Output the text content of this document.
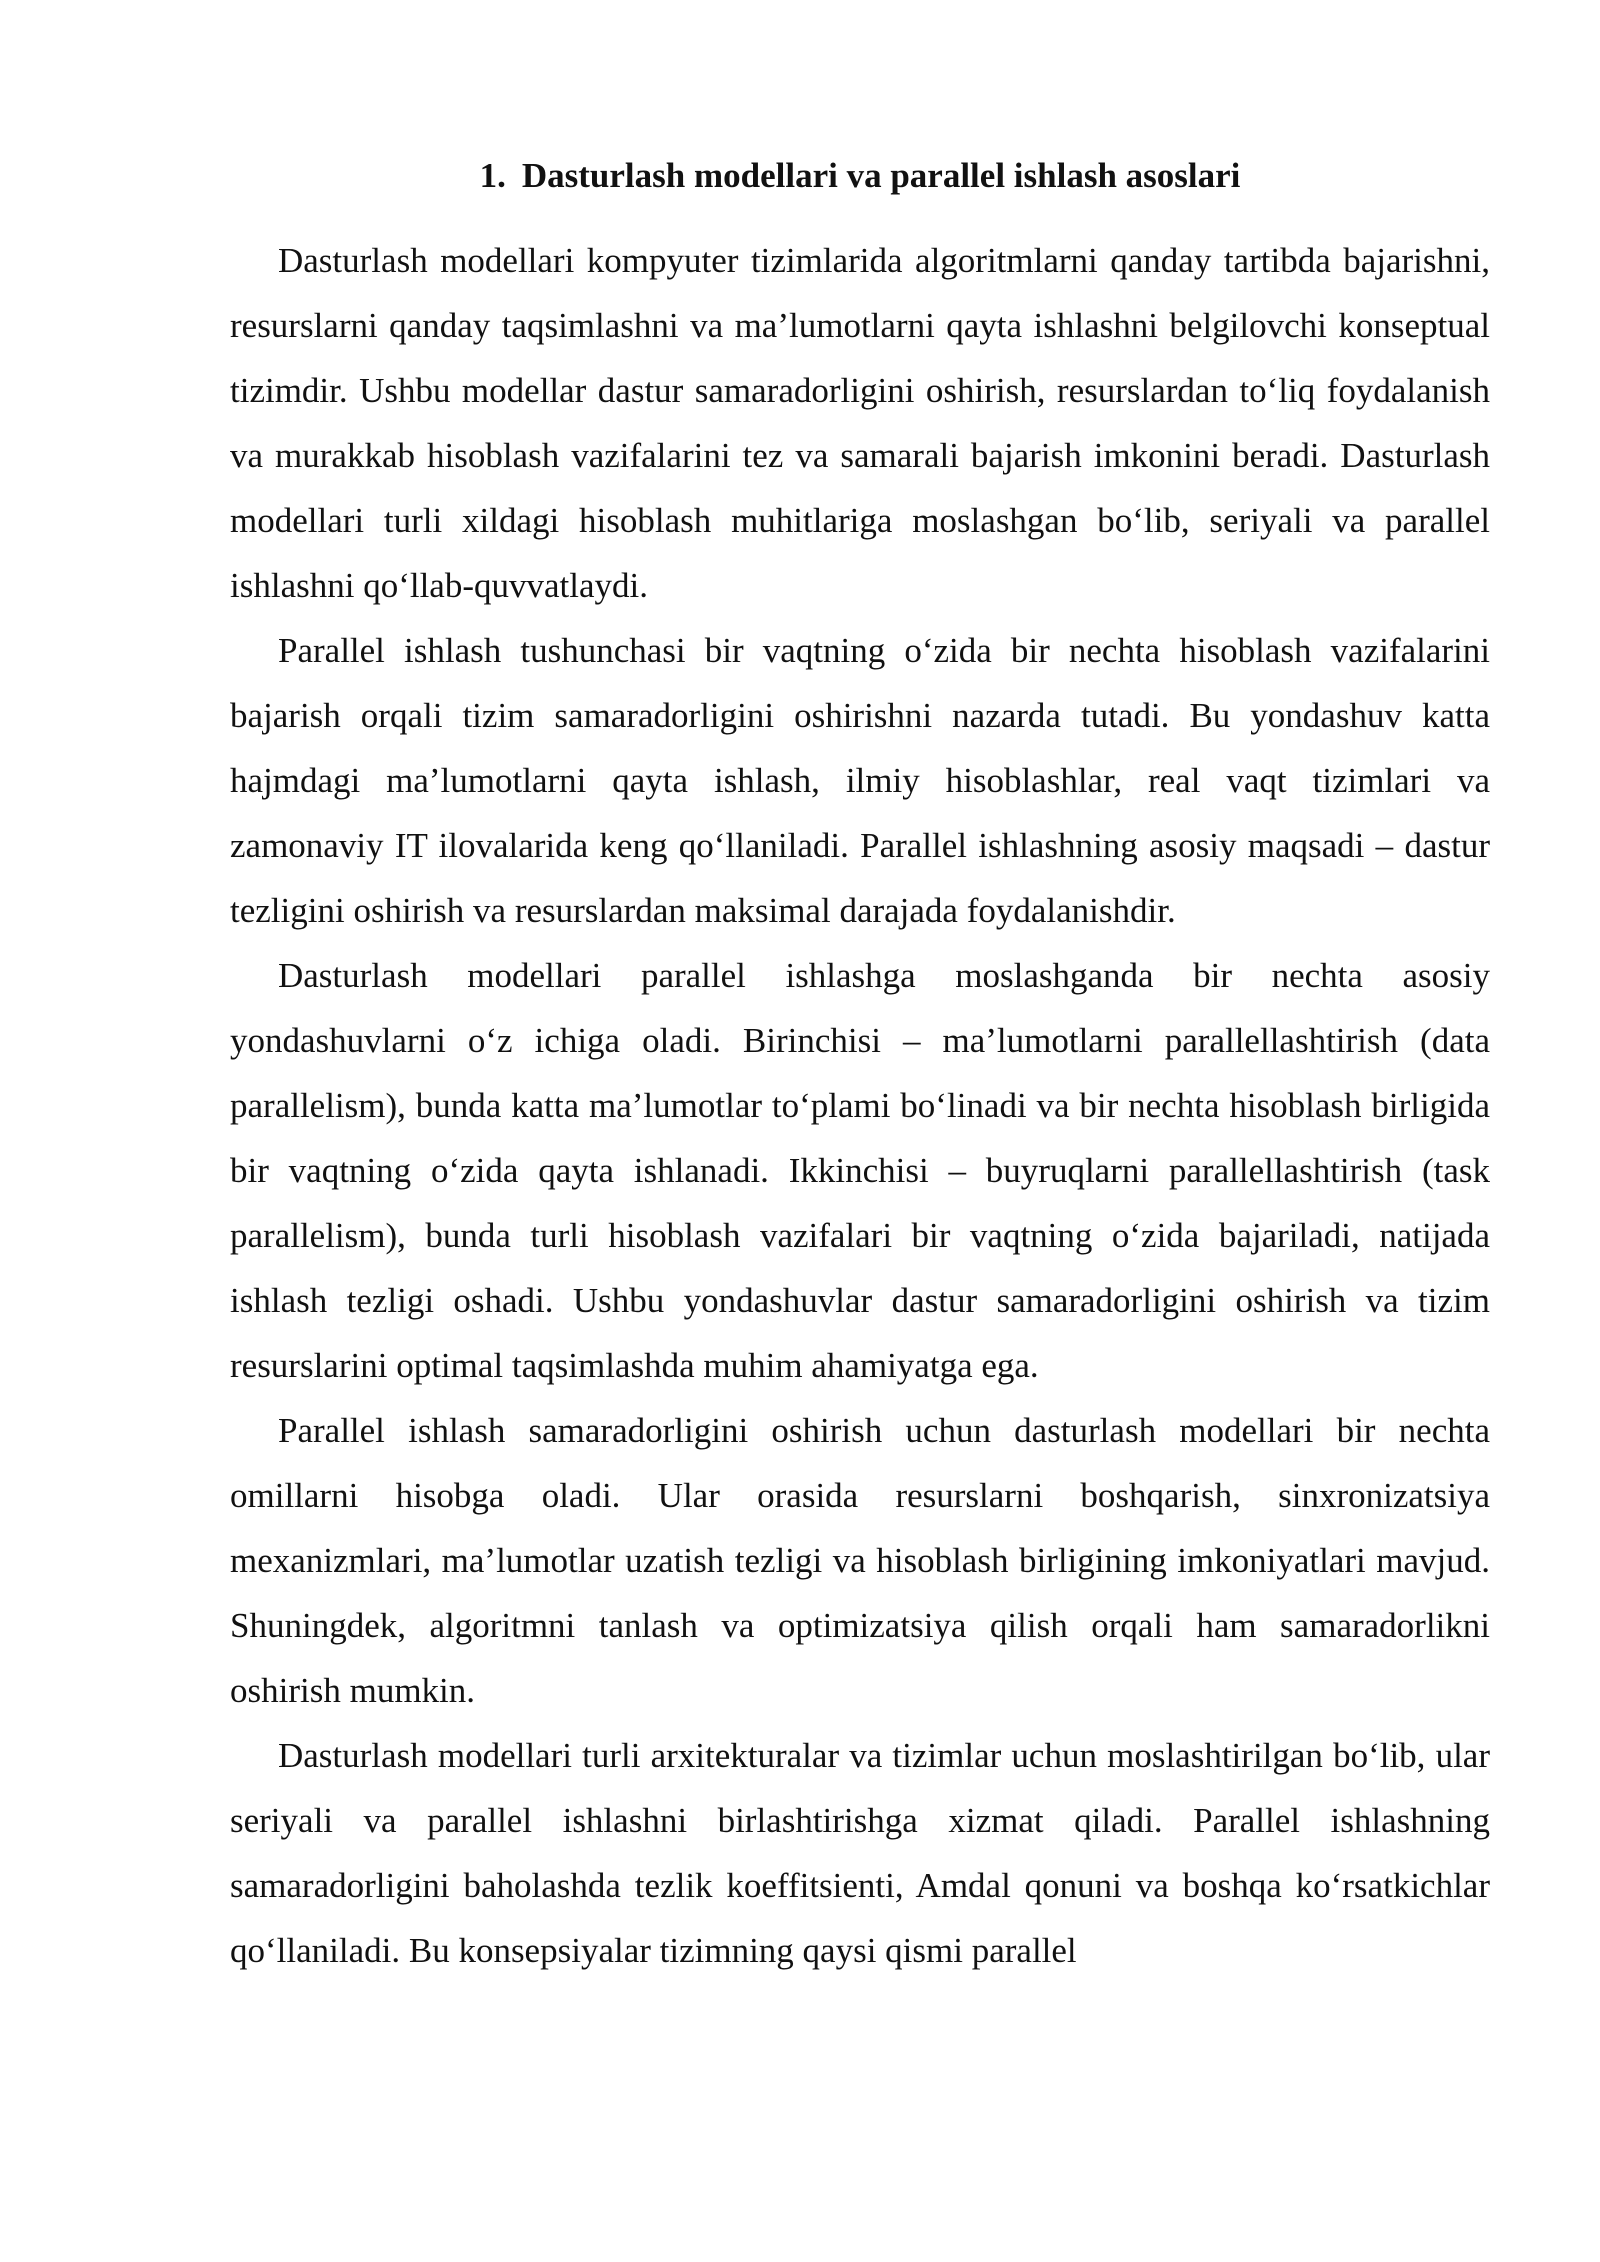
1. Dasturlash modellari va parallel ishlash asoslari

Dasturlash modellari kompyuter tizimlarida algoritmlarni qanday tartibda bajarishni, resurslarni qanday taqsimlashni va ma’lumotlarni qayta ishlashni belgilovchi konseptual tizimdir. Ushbu modellar dastur samaradorligini oshirish, resurslardan to‘liq foydalanish va murakkab hisoblash vazifalarini tez va samarali bajarish imkonini beradi. Dasturlash modellari turli xildagi hisoblash muhitlariga moslashgan bo‘lib, seriyali va parallel ishlashni qo‘llab-quvvatlaydi.

Parallel ishlash tushunchasi bir vaqtning o‘zida bir nechta hisoblash vazifalarini bajarish orqali tizim samaradorligini oshirishni nazarda tutadi. Bu yondashuv katta hajmdagi ma’lumotlarni qayta ishlash, ilmiy hisoblashlar, real vaqt tizimlari va zamonaviy IT ilovalarida keng qo‘llaniladi. Parallel ishlashning asosiy maqsadi – dastur tezligini oshirish va resurslardan maksimal darajada foydalanishdir.

Dasturlash modellari parallel ishlashga moslashganda bir nechta asosiy yondashuvlarni o‘z ichiga oladi. Birinchisi – ma’lumotlarni parallellashtirish (data parallelism), bunda katta ma’lumotlar to‘plami bo‘linadi va bir nechta hisoblash birligida bir vaqtning o‘zida qayta ishlanadi. Ikkinchisi – buyruqlarni parallellashtirish (task parallelism), bunda turli hisoblash vazifalari bir vaqtning o‘zida bajariladi, natijada ishlash tezligi oshadi. Ushbu yondashuvlar dastur samaradorligini oshirish va tizim resurslarini optimal taqsimlashda muhim ahamiyatga ega.

Parallel ishlash samaradorligini oshirish uchun dasturlash modellari bir nechta omillarni hisobga oladi. Ular orasida resurslarni boshqarish, sinxronizatsiya mexanizmlari, ma’lumotlar uzatish tezligi va hisoblash birligining imkoniyatlari mavjud. Shuningdek, algoritmni tanlash va optimizatsiya qilish orqali ham samaradorlikni oshirish mumkin.

Dasturlash modellari turli arxitekturalar va tizimlar uchun moslashtirilgan bo‘lib, ular seriyali va parallel ishlashni birlashtirishga xizmat qiladi. Parallel ishlashning samaradorligini baholashda tezlik koeffitsienti, Amdal qonuni va boshqa ko‘rsatkichlar qo‘llaniladi. Bu konsepsiyalar tizimning qaysi qismi parallel
